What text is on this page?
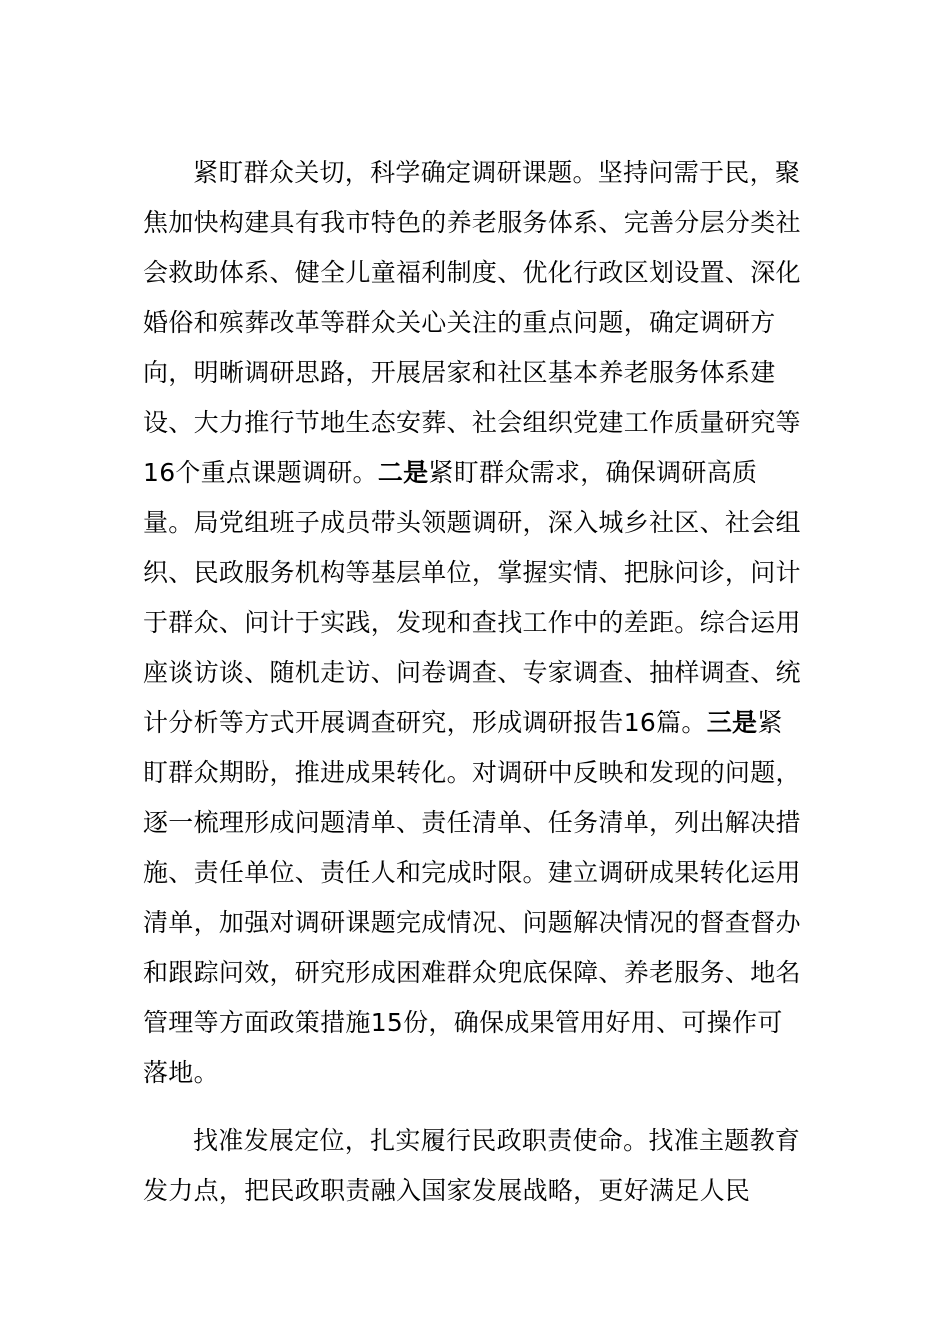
紧盯群众关切，科学确定调研课题。坚持问需于民，聚焦加快构建具有我市特色的养老服务体系、完善分层分类社会救助体系、健全儿童福利制度、优化行政区划设置、深化婚俗和殡葬改革等群众关心关注的重点问题，确定调研方向，明晰调研思路，开展居家和社区基本养老服务体系建设、大力推行节地生态安葬、社会组织党建工作质量研究等16个重点课题调研。二是紧盯群众需求，确保调研高质量。局党组班子成员带头领题调研，深入城乡社区、社会组织、民政服务机构等基层单位，掌握实情、把脉问诊，问计于群众、问计于实践，发现和查找工作中的差距。综合运用座谈访谈、随机走访、问卷调查、专家调查、抽样调查、统计分析等方式开展调查研究，形成调研报告16篇。三是紧盯群众期盼，推进成果转化。对调研中反映和发现的问题，逐一梳理形成问题清单、责任清单、任务清单，列出解决措施、责任单位、责任人和完成时限。建立调研成果转化运用清单，加强对调研课题完成情况、问题解决情况的督查督办和跟踪问效，研究形成困难群众兜底保障、养老服务、地名管理等方面政策措施15份，确保成果管用好用、可操作可落地。

找准发展定位，扎实履行民政职责使命。找准主题教育发力点，把民政职责融入国家发展战略，更好满足人民
